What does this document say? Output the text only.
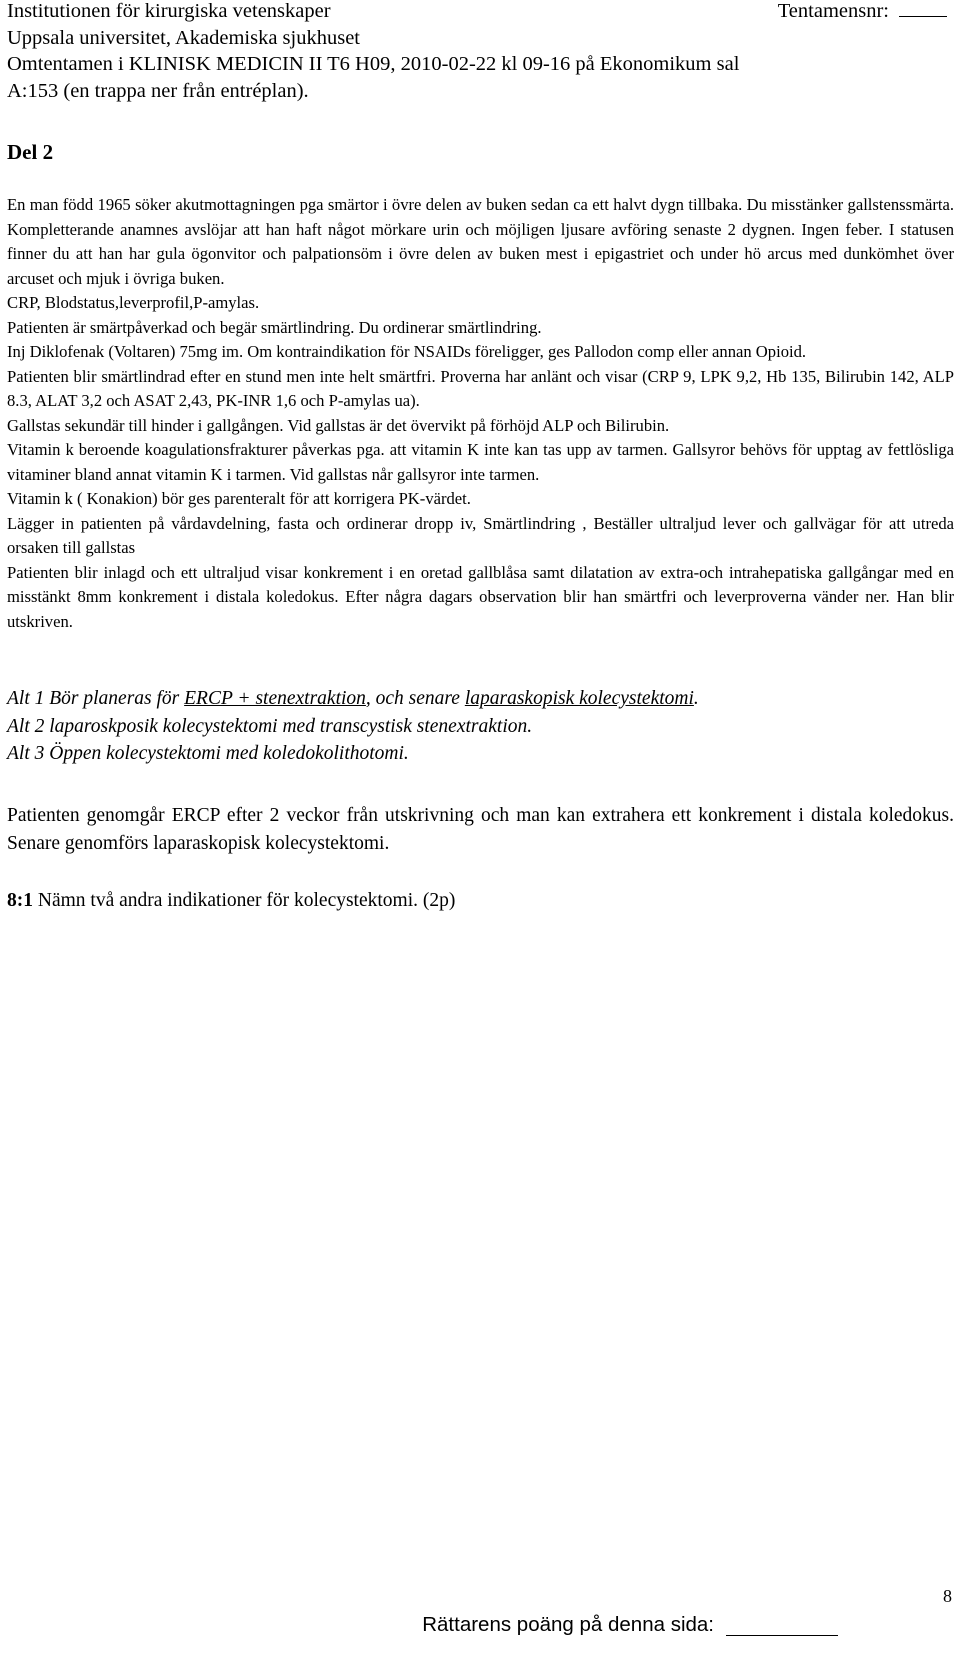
Institutionen för kirurgiska vetenskaper	Tentamensnr:
Uppsala universitet, Akademiska sjukhuset
Omtentamen i KLINISK MEDICIN II T6 H09, 2010-02-22 kl 09-16 på Ekonomikum sal
A:153 (en trappa ner från entréplan).
Del 2

En man född 1965 söker akutmottagningen pga smärtor i övre delen av buken sedan ca ett halvt dygn tillbaka. Du misstänker gallstenssmärta. Kompletterande anamnes avslöjar att han haft något mörkare urin och möjligen ljusare avföring senaste 2 dygnen. Ingen feber. I statusen finner du att han har gula ögonvitor och palpationsöm i övre delen av buken mest i epigastriet och under hö arcus med dunkömhet över arcuset och mjuk i övriga buken.

CRP, Blodstatus,leverprofil,P-amylas.

Patienten är smärtpåverkad och begär smärtlindring. Du ordinerar smärtlindring.

Inj Diklofenak (Voltaren) 75mg im. Om kontraindikation för NSAIDs föreligger, ges Pallodon comp eller annan Opioid.

Patienten blir smärtlindrad efter en stund men inte helt smärtfri. Proverna har anlänt och visar (CRP 9, LPK 9,2, Hb 135, Bilirubin 142, ALP 8.3, ALAT 3,2 och ASAT 2,43, PK-INR 1,6 och P-amylas ua).

Gallstas sekundär till hinder i gallgången. Vid gallstas är det övervikt på förhöjd ALP och Bilirubin.

Vitamin k beroende koagulationsfrakturer påverkas pga. att vitamin K inte kan tas upp av tarmen. Gallsyror behövs för upptag av fettlösliga vitaminer bland annat vitamin K i tarmen. Vid gallstas når gallsyror inte tarmen.

Vitamin k ( Konakion) bör ges parenteralt för att korrigera PK-värdet.

Lägger in patienten på vårdavdelning, fasta och ordinerar dropp iv, Smärtlindring , Beställer ultraljud lever och gallvägar för att utreda orsaken till gallstas

Patienten blir inlagd och ett ultraljud visar konkrement i en oretad gallblåsa samt dilatation av extra-och intrahepatiska gallgångar med en misstänkt 8mm konkrement i distala koledokus. Efter några dagars observation blir han smärtfri och leverproverna vänder ner. Han blir utskriven.

Alt 1 Bör planeras för ERCP + stenextraktion, och senare laparaskopisk kolecystektomi.

Alt 2 laparoskposik kolecystektomi med transcystisk stenextraktion.

Alt 3 Öppen kolecystektomi med koledokolithotomi.

Patienten genomgår ERCP efter 2 veckor från utskrivning och man kan extrahera ett konkrement i distala koledokus. Senare genomförs laparaskopisk kolecystektomi.

8:1 Nämn två andra indikationer för kolecystektomi. (2p)
8
Rättarens poäng på denna sida:
